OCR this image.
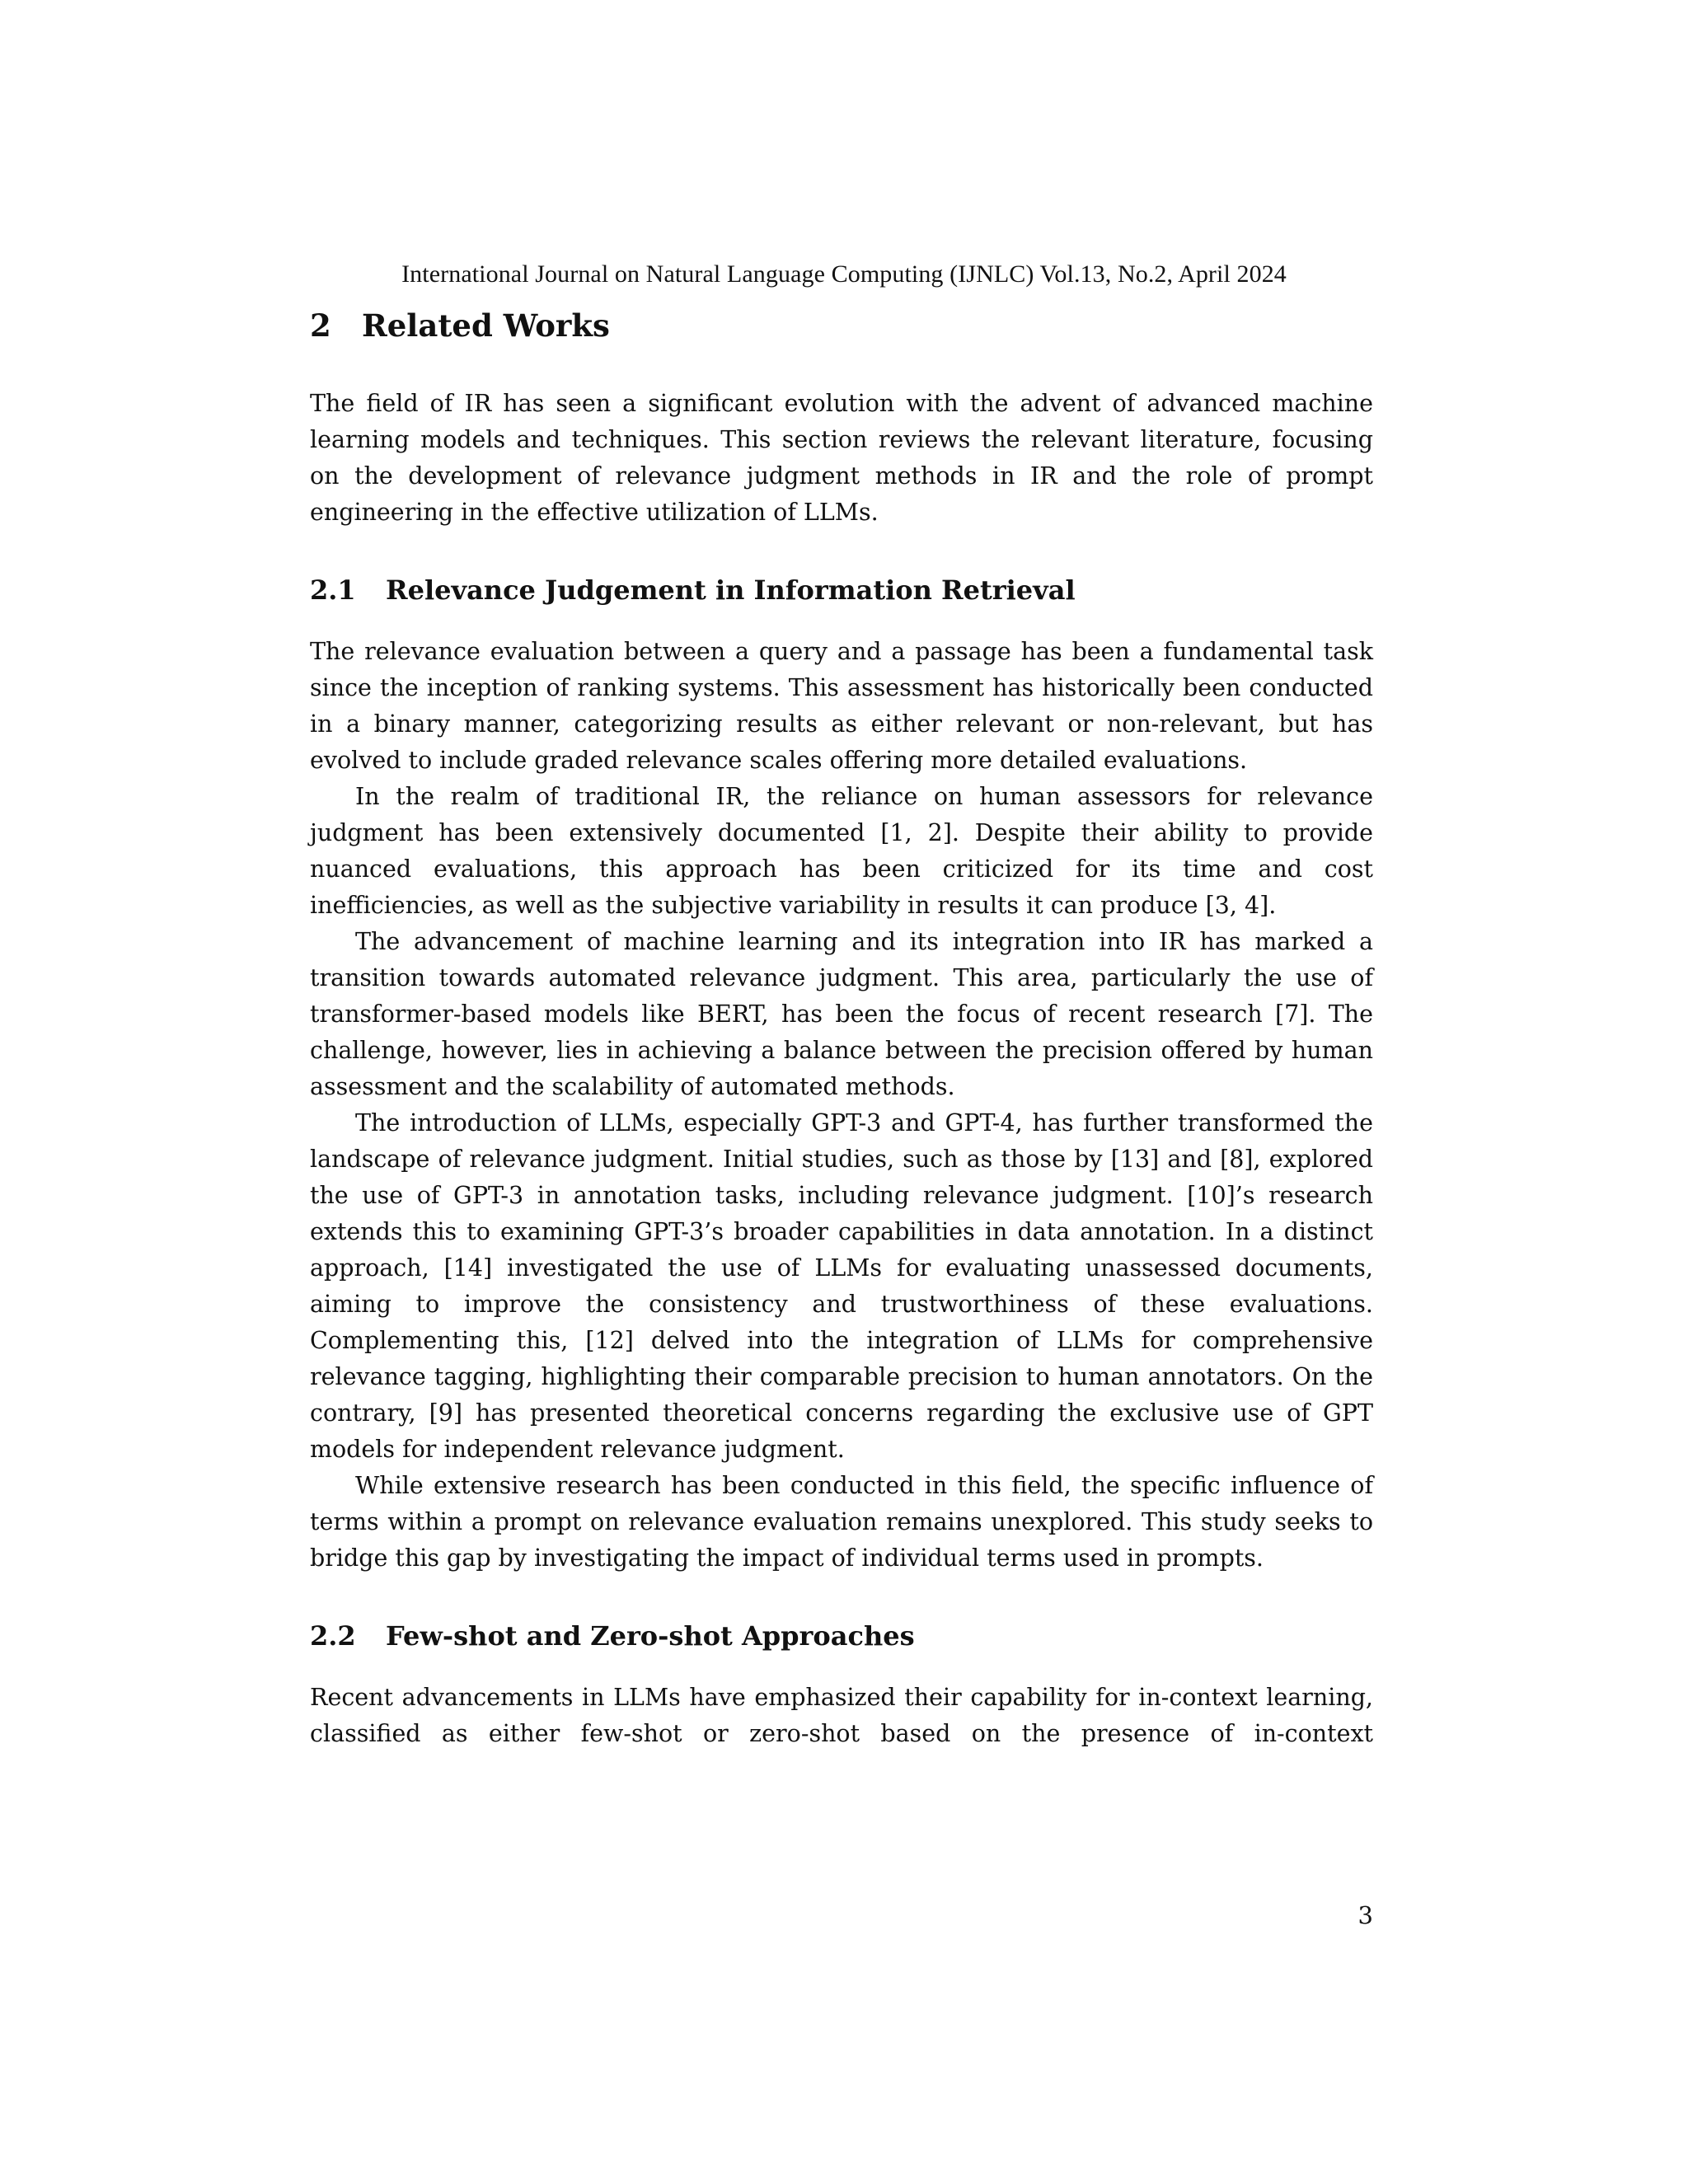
International Journal on Natural Language Computing (IJNLC) Vol.13, No.2, April 2024
2 Related Works

The field of IR has seen a significant evolution with the advent of advanced machine learning models and techniques. This section reviews the relevant literature, focusing on the development of relevance judgment methods in IR and the role of prompt engineering in the effective utilization of LLMs.

2.1 Relevance Judgement in Information Retrieval

The relevance evaluation between a query and a passage has been a fundamental task since the inception of ranking systems. This assessment has historically been conducted in a binary manner, categorizing results as either relevant or non-relevant, but has evolved to include graded relevance scales offering more detailed evaluations.

In the realm of traditional IR, the reliance on human assessors for relevance judgment has been extensively documented [1, 2]. Despite their ability to provide nuanced evaluations, this approach has been criticized for its time and cost inefficiencies, as well as the subjective variability in results it can produce [3, 4].

The advancement of machine learning and its integration into IR has marked a transition towards automated relevance judgment. This area, particularly the use of transformer-based models like BERT, has been the focus of recent research [7]. The challenge, however, lies in achieving a balance between the precision offered by human assessment and the scalability of automated methods.

The introduction of LLMs, especially GPT-3 and GPT-4, has further transformed the landscape of relevance judgment. Initial studies, such as those by [13] and [8], explored the use of GPT-3 in annotation tasks, including relevance judgment. [10]’s research extends this to examining GPT-3’s broader capabilities in data annotation. In a distinct approach, [14] investigated the use of LLMs for evaluating unassessed documents, aiming to improve the consistency and trustworthiness of these evaluations. Complementing this, [12] delved into the integration of LLMs for comprehensive relevance tagging, highlighting their comparable precision to human annotators. On the contrary, [9] has presented theoretical concerns regarding the exclusive use of GPT models for independent relevance judgment.

While extensive research has been conducted in this field, the specific influence of terms within a prompt on relevance evaluation remains unexplored. This study seeks to bridge this gap by investigating the impact of individual terms used in prompts.

2.2 Few-shot and Zero-shot Approaches

Recent advancements in LLMs have emphasized their capability for in-context learning, classified as either few-shot or zero-shot based on the presence of in-context

3
